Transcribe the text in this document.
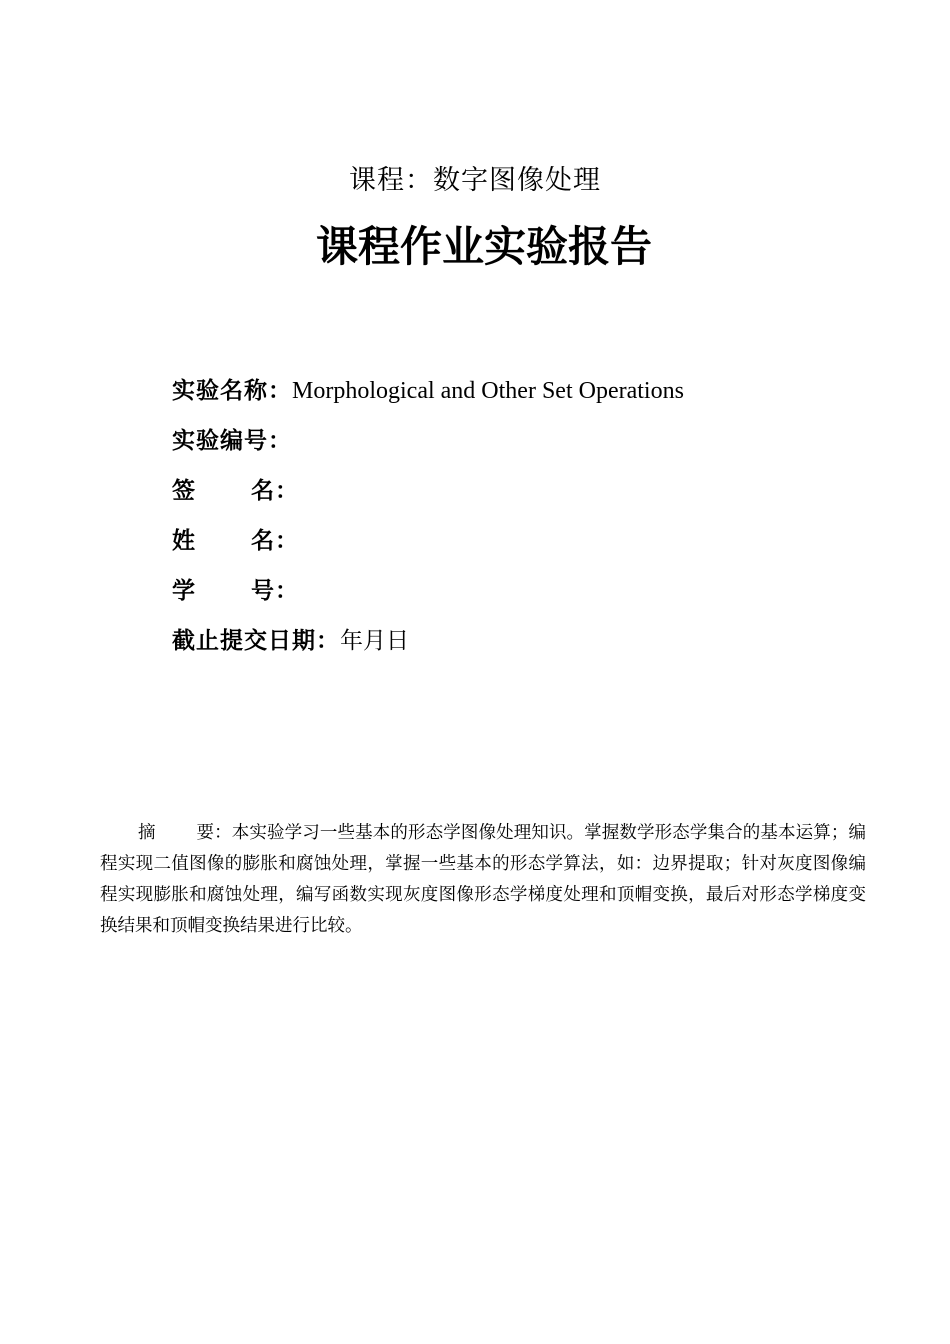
课程：数字图像处理
课程作业实验报告
实验名称：Morphological and Other Set Operations
实验编号：
签 名 ：
姓 名 ：
学 号 ：
截止提交日期：年月日
摘 要 ：本实验学习一些基本的形态学图像处理知识。掌握数学形态学集合的基本运算；编程实现二值图像的膨胀和腐蚀处理，掌握一些基本的形态学算法，如：边界提取；针对灰度图像编程实现膨胀和腐蚀处理，编写函数实现灰度图像形态学梯度处理和顶帽变换，最后对形态学梯度变换结果和顶帽变换结果进行比较。
